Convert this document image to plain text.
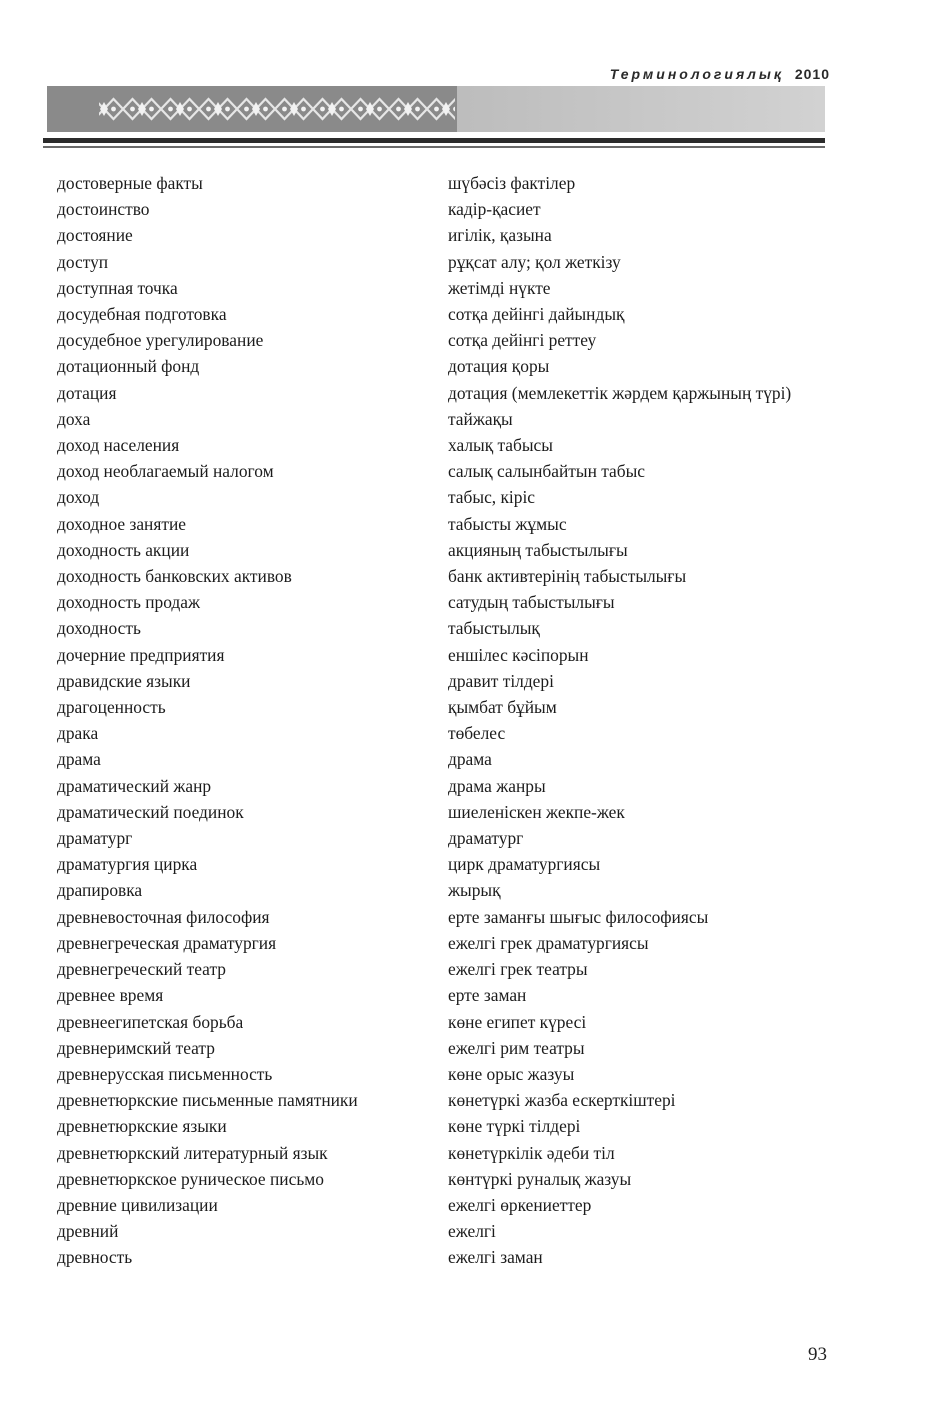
Терминологиялық 2010
достоверные факты	шүбәсіз фактілер
достоинство	кадір-қасиет
достояние	игілік, қазына
доступ	рұқсат алу; қол жеткізу
доступная точка	жетімді нүкте
досудебная подготовка	сотқа дейінгі дайындық
досудебное урегулирование	сотқа дейінгі реттеу
дотационный фонд	дотация қоры
дотация	дотация (мемлекеттік жәрдем қаржының түрі)
доха	тайжақы
доход населения	халық табысы
доход необлагаемый налогом	салық салынбайтын табыс
доход	табыс, кіріс
доходное занятие	табысты жұмыс
доходность акции	акцияның табыстылығы
доходность банковских активов	банк активтерінің табыстылығы
доходность продаж	сатудың табыстылығы
доходность	табыстылық
дочерние предприятия	еншілес кәсіпорын
дравидские языки	дравит тілдері
драгоценность	қымбат бұйым
драка	төбелес
драма	драма
драматический жанр	драма жанры
драматический поединок	шиеленіскен жекпе-жек
драматург	драматург
драматургия цирка	цирк драматургиясы
драпировка	жырық
древневосточная философия	ерте заманғы шығыс философиясы
древнегреческая драматургия	ежелгі грек драматургиясы
древнегреческий театр	ежелгі грек театры
древнее время	ерте заман
древнеегипетская борьба	көне египет күресі
древнеримский театр	ежелгі рим театры
древнерусская письменность	көне орыс жазуы
древнетюркские письменные памятники	көнетүркі жазба ескерткіштері
древнетюркские языки	көне түркі тілдері
древнетюркский литературный язык	көнетүркілік әдеби тіл
древнетюркское руническое письмо	көнтүркі руналық жазуы
древние цивилизации	ежелгі өркениеттер
древний	ежелгі
древность	ежелгі заман
93
